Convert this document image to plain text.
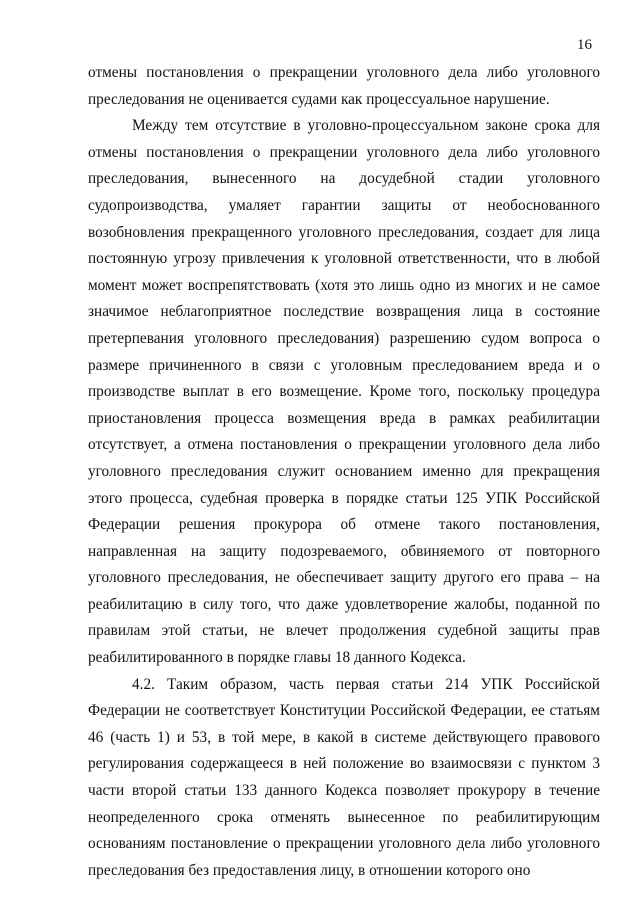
16

отмены постановления о прекращении уголовного дела либо уголовного преследования не оценивается судами как процессуальное нарушение.

Между тем отсутствие в уголовно-процессуальном законе срока для отмены постановления о прекращении уголовного дела либо уголовного преследования, вынесенного на досудебной стадии уголовного судопроизводства, умаляет гарантии защиты от необоснованного возобновления прекращенного уголовного преследования, создает для лица постоянную угрозу привлечения к уголовной ответственности, что в любой момент может воспрепятствовать (хотя это лишь одно из многих и не самое значимое неблагоприятное последствие возвращения лица в состояние претерпевания уголовного преследования) разрешению судом вопроса о размере причиненного в связи с уголовным преследованием вреда и о производстве выплат в его возмещение. Кроме того, поскольку процедура приостановления процесса возмещения вреда в рамках реабилитации отсутствует, а отмена постановления о прекращении уголовного дела либо уголовного преследования служит основанием именно для прекращения этого процесса, судебная проверка в порядке статьи 125 УПК Российской Федерации решения прокурора об отмене такого постановления, направленная на защиту подозреваемого, обвиняемого от повторного уголовного преследования, не обеспечивает защиту другого его права – на реабилитацию в силу того, что даже удовлетворение жалобы, поданной по правилам этой статьи, не влечет продолжения судебной защиты прав реабилитированного в порядке главы 18 данного Кодекса.

4.2. Таким образом, часть первая статьи 214 УПК Российской Федерации не соответствует Конституции Российской Федерации, ее статьям 46 (часть 1) и 53, в той мере, в какой в системе действующего правового регулирования содержащееся в ней положение во взаимосвязи с пунктом 3 части второй статьи 133 данного Кодекса позволяет прокурору в течение неопределенного срока отменять вынесенное по реабилитирующим основаниям постановление о прекращении уголовного дела либо уголовного преследования без предоставления лицу, в отношении которого оно
